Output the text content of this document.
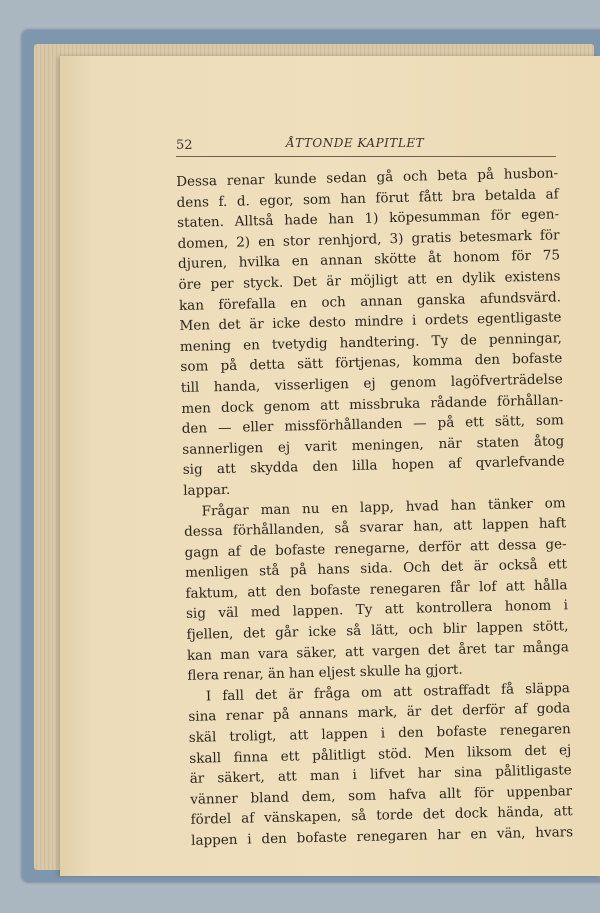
52	ÅTTONDE KAPITLET
Dessa renar kunde sedan gå och beta på husbon-
dens f. d. egor, som han förut fått bra betalda af
staten. Alltså hade han 1) köpesumman för egen-
domen, 2) en stor renhjord, 3) gratis betesmark för
djuren, hvilka en annan skötte åt honom för 75
öre per styck. Det är möjligt att en dylik existens
kan förefalla en och annan ganska afundsvärd.
Men det är icke desto mindre i ordets egentligaste
mening en tvetydig handtering. Ty de penningar,
som på detta sätt förtjenas, komma den bofaste
till handa, visserligen ej genom lagöfverträdelse
men dock genom att missbruka rådande förhållan-
den — eller missförhållanden — på ett sätt, som
sannerligen ej varit meningen, när staten åtog
sig att skydda den lilla hopen af qvarlefvande
lappar.
Frågar man nu en lapp, hvad han tänker om
dessa förhållanden, så svarar han, att lappen haft
gagn af de bofaste renegarne, derför att dessa ge-
menligen stå på hans sida. Och det är också ett
faktum, att den bofaste renegaren får lof att hålla
sig väl med lappen. Ty att kontrollera honom i
fjellen, det går icke så lätt, och blir lappen stött,
kan man vara säker, att vargen det året tar många
flera renar, än han eljest skulle ha gjort.
I fall det är fråga om att ostraffadt få släppa
sina renar på annans mark, är det derför af goda
skäl troligt, att lappen i den bofaste renegaren
skall finna ett pålitligt stöd. Men liksom det ej
är säkert, att man i lifvet har sina pålitligaste
vänner bland dem, som hafva allt för uppenbar
fördel af vänskapen, så torde det dock hända, att
lappen i den bofaste renegaren har en vän, hvars
